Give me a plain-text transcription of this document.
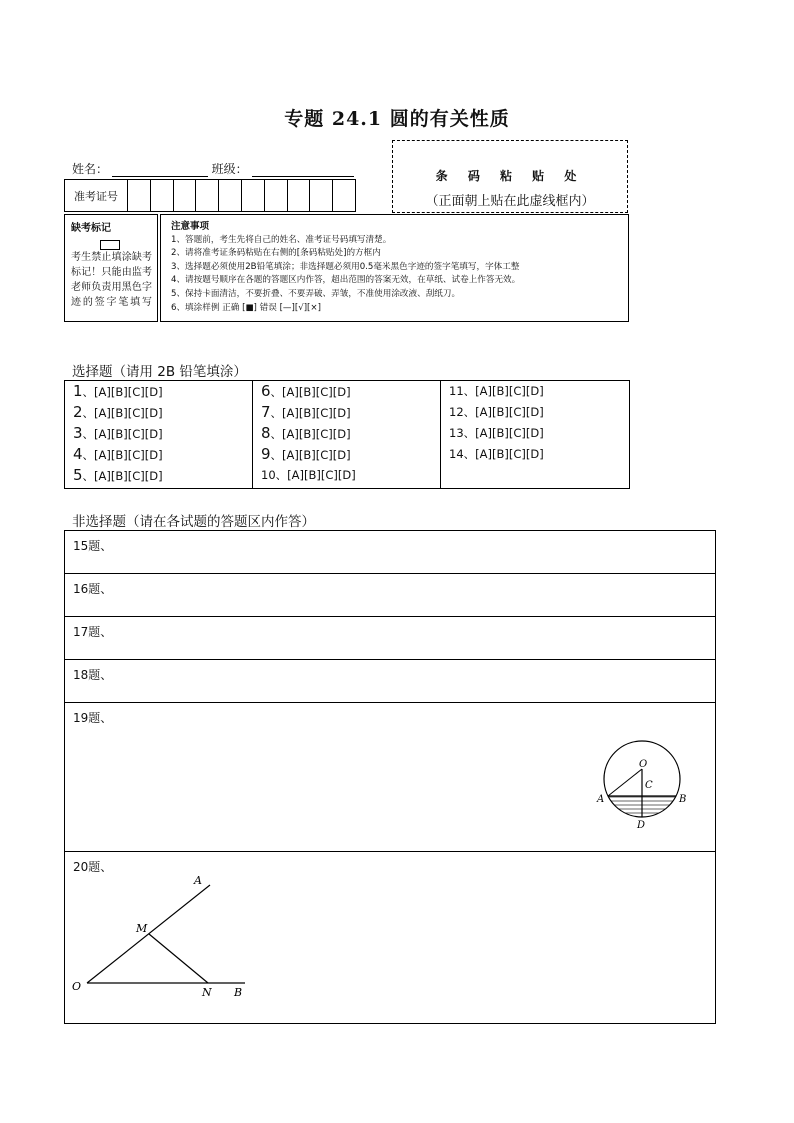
专题 24.1 圆的有关性质
姓名：	班级：
准考证号
条 码 粘 贴 处
（正面朝上贴在此虚线框内）
缺考标记
考生禁止填涂缺考标记！只能由监考老师负责用黑色字迹的签字笔填写
注意事项
1、答题前，考生先将自己的姓名、准考证号码填写清楚。
2、请将准考证条码粘贴在右侧的[条码粘贴处]的方框内
3、选择题必须使用2B铅笔填涂；非选择题必须用0.5毫米黑色字迹的签字笔填写，字体工整
4、请按题号顺序在各题的答题区内作答，超出范围的答案无效，在草纸、试卷上作答无效。
5、保持卡面清洁，不要折叠、不要弄破、弄皱，不准使用涂改液、刮纸刀。
6、填涂样例 正确 [■] 错误 [—][√][×]
选择题（请用 2B 铅笔填涂）
1、[A][B][C][D]
2、[A][B][C][D]
3、[A][B][C][D]
4、[A][B][C][D]
5、[A][B][C][D]
6、[A][B][C][D]
7、[A][B][C][D]
8、[A][B][C][D]
9、[A][B][C][D]
10、[A][B][C][D]
11、[A][B][C][D]
12、[A][B][C][D]
13、[A][B][C][D]
14、[A][B][C][D]
非选择题（请在各试题的答题区内作答）
15题、
16题、
17题、
18题、
19题、
O
C
A	B
D
20题、
A
M
O	N B
